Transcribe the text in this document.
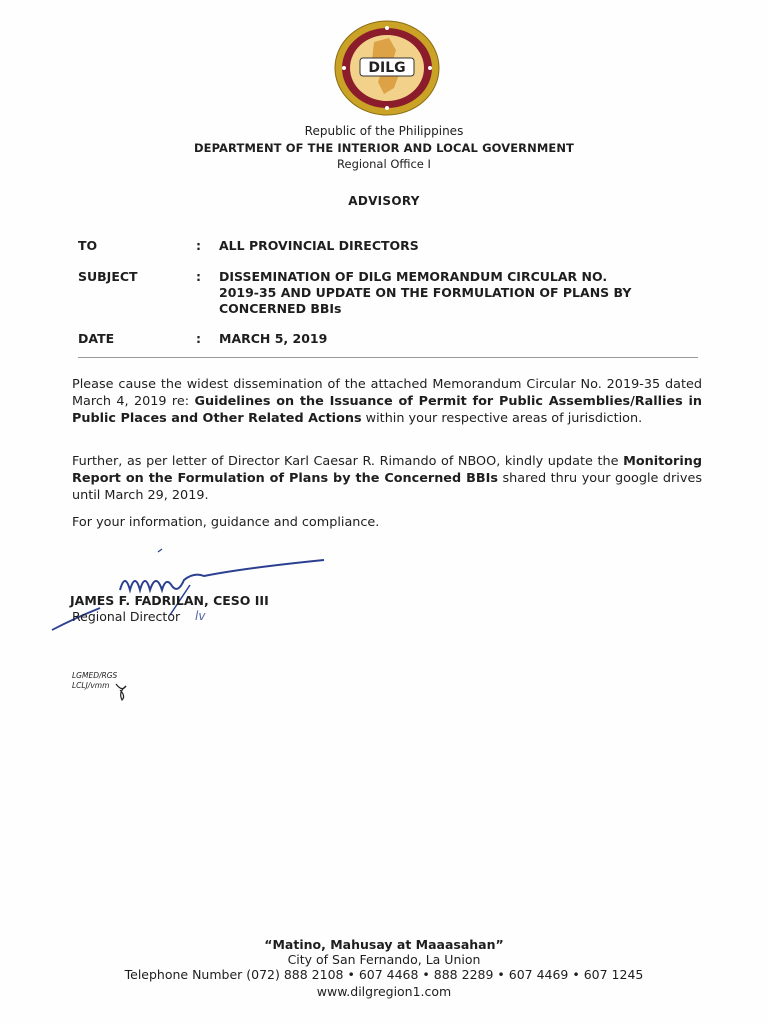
DILG
Republic of the Philippines
DEPARTMENT OF THE INTERIOR AND LOCAL GOVERNMENT
Regional Office I
ADVISORY
TO	: ALL PROVINCIAL DIRECTORS
SUBJECT	: DISSEMINATION OF DILG MEMORANDUM CIRCULAR NO.
2019-35 AND UPDATE ON THE FORMULATION OF PLANS BY
CONCERNED BBIs
DATE	: MARCH 5, 2019
Please cause the widest dissemination of the attached Memorandum Circular No. 2019-35 dated March 4, 2019 re: Guidelines on the Issuance of Permit for Public Assemblies/Rallies in Public Places and Other Related Actions within your respective areas of jurisdiction.
Further, as per letter of Director Karl Caesar R. Rimando of NBOO, kindly update the Monitoring Report on the Formulation of Plans by the Concerned BBIs shared thru your google drives until March 29, 2019.
For your information, guidance and compliance.
JAMES F. FADRILAN, CESO III
Regional Director lv
LGMED/RGS
LCLJ/vmm
“Matino, Mahusay at Maaasahan”
City of San Fernando, La Union
Telephone Number (072) 888 2108 • 607 4468 • 888 2289 • 607 4469 • 607 1245
www.dilgregion1.com
